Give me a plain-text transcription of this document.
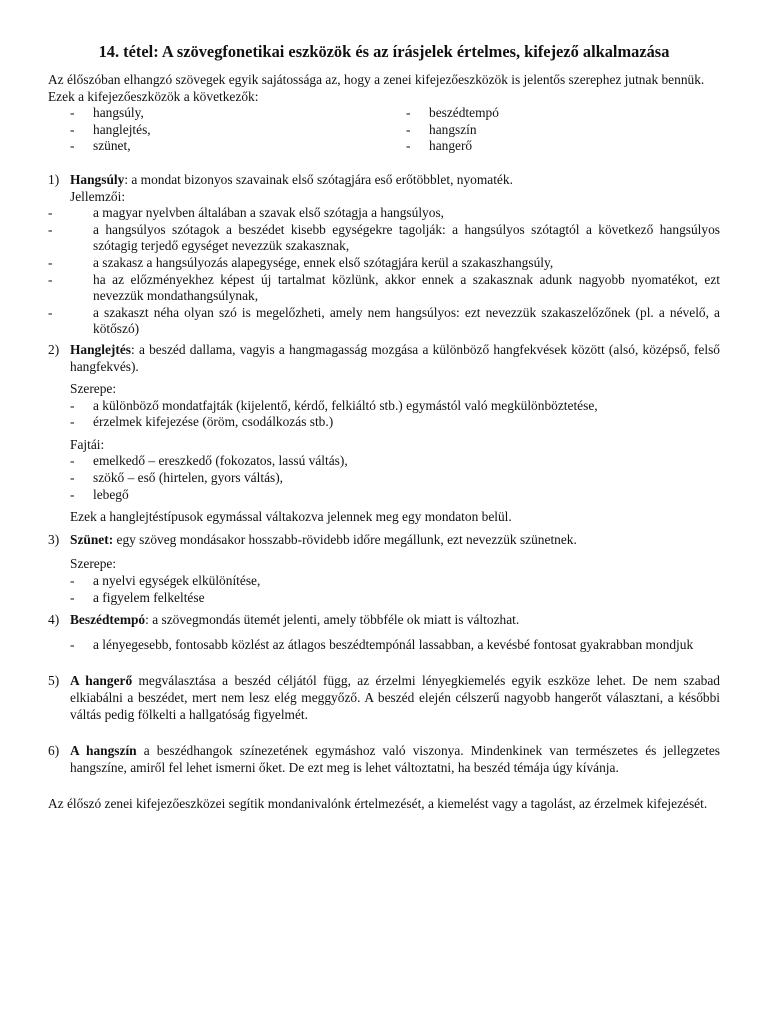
14. tétel: A szövegfonetikai eszközök és az írásjelek értelmes, kifejező alkalmazása

Az élőszóban elhangzó szövegek egyik sajátossága az, hogy a zenei kifejezőeszközök is jelentős szerephez jutnak bennük.

Ezek a kifejezőeszközök a következők:

- hangsúly,
- hanglejtés,
- szünet,
- beszédtempó
- hangszín
- hangerő
1) Hangsúly: a mondat bizonyos szavainak első szótagjára eső erőtöbblet, nyomaték.

Jellemzői:

- a magyar nyelvben általában a szavak első szótagja a hangsúlyos,
- a hangsúlyos szótagok a beszédet kisebb egységekre tagolják: a hangsúlyos szótagtól a következő hangsúlyos szótagig terjedő egységet nevezzük szakasznak,
- a szakasz a hangsúlyozás alapegysége, ennek első szótagjára kerül a szakaszhangsúly,
- ha az előzményekhez képest új tartalmat közlünk, akkor ennek a szakasznak adunk nagyobb nyomatékot, ezt nevezzük mondathangsúlynak,
- a szakaszt néha olyan szó is megelőzheti, amely nem hangsúlyos: ezt nevezzük szakaszelőzőnek (pl. a névelő, a kötőszó)
2) Hanglejtés: a beszéd dallama, vagyis a hangmagasság mozgása a különböző hangfekvések között (alsó, középső, felső hangfekvés).

Szerepe:

- a különböző mondatfajták (kijelentő, kérdő, felkiáltó stb.) egymástól való megkülönböztetése,
- érzelmek kifejezése (öröm, csodálkozás stb.)

Fajtái:

- emelkedő – ereszkedő (fokozatos, lassú váltás),
- szökő – eső (hirtelen, gyors váltás),
- lebegő

Ezek a hanglejtéstípusok egymással váltakozva jelennek meg egy mondaton belül.

3) Szünet: egy szöveg mondásakor hosszabb-rövidebb időre megállunk, ezt nevezzük szünetnek.

Szerepe:

- a nyelvi egységek elkülönítése,
- a figyelem felkeltése
4) Beszédtempó: a szövegmondás ütemét jelenti, amely többféle ok miatt is változhat.

- a lényegesebb, fontosabb közlést az átlagos beszédtempónál lassabban, a kevésbé fontosat gyakrabban mondjuk
5) A hangerő megválasztása a beszéd céljától függ, az érzelmi lényegkiemelés egyik eszköze lehet. De nem szabad elkiabálni a beszédet, mert nem lesz elég meggyőző. A beszéd elején célszerű nagyobb hangerőt választani, a későbbi váltás pedig fölkelti a hallgatóság figyelmét.

6) A hangszín a beszédhangok színezetének egymáshoz való viszonya. Mindenkinek van természetes és jellegzetes hangszíne, amiről fel lehet ismerni őket. De ezt meg is lehet változtatni, ha beszéd témája úgy kívánja.

Az élőszó zenei kifejezőeszközei segítik mondanivalónk értelmezését, a kiemelést vagy a tagolást, az érzelmek kifejezését.
